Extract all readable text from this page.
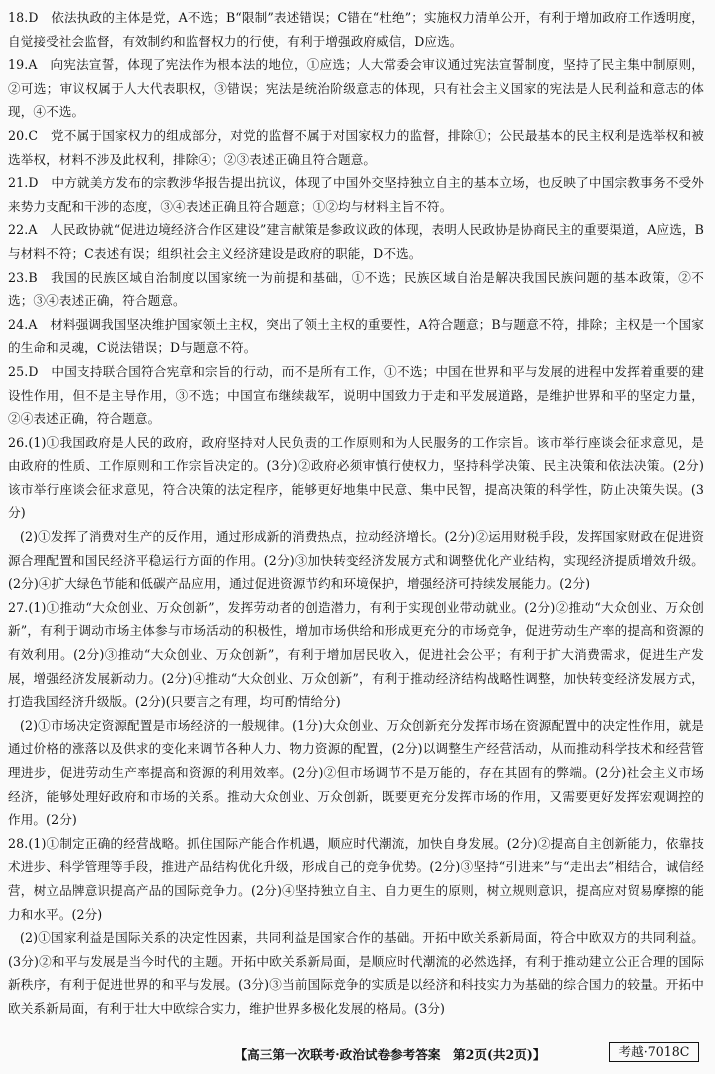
18.D　依法执政的主体是党，A不选；B“限制”表述错误；C错在“杜绝”；实施权力清单公开，有利于增加政府工作透明度，自觉接受社会监督，有效制约和监督权力的行使，有利于增强政府威信，D应选。
19.A　向宪法宣誓，体现了宪法作为根本法的地位，①应选；人大常委会审议通过宪法宣誓制度，坚持了民主集中制原则，②可选；审议权属于人大代表职权，③错误；宪法是统治阶级意志的体现，只有社会主义国家的宪法是人民利益和意志的体现，④不选。
20.C　党不属于国家权力的组成部分，对党的监督不属于对国家权力的监督，排除①；公民最基本的民主权利是选举权和被选举权，材料不涉及此权利，排除④；②③表述正确且符合题意。
21.D　中方就美方发布的宗教涉华报告提出抗议，体现了中国外交坚持独立自主的基本立场，也反映了中国宗教事务不受外来势力支配和干涉的态度，③④表述正确且符合题意；①②均与材料主旨不符。
22.A　人民政协就“促进边境经济合作区建设”建言献策是参政议政的体现，表明人民政协是协商民主的重要渠道，A应选，B与材料不符；C表述有误；组织社会主义经济建设是政府的职能，D不选。
23.B　我国的民族区域自治制度以国家统一为前提和基础，①不选；民族区域自治是解决我国民族问题的基本政策，②不选；③④表述正确，符合题意。
24.A　材料强调我国坚决维护国家领土主权，突出了领土主权的重要性，A符合题意；B与题意不符，排除；主权是一个国家的生命和灵魂，C说法错误；D与题意不符。
25.D　中国支持联合国符合宪章和宗旨的行动，而不是所有工作，①不选；中国在世界和平与发展的进程中发挥着重要的建设性作用，但不是主导作用，③不选；中国宣布继续裁军，说明中国致力于走和平发展道路，是维护世界和平的坚定力量，②④表述正确，符合题意。
26.(1)①我国政府是人民的政府，政府坚持对人民负责的工作原则和为人民服务的工作宗旨。该市举行座谈会征求意见，是由政府的性质、工作原则和工作宗旨决定的。(3分)②政府必须审慎行使权力，坚持科学决策、民主决策和依法决策。(2分)该市举行座谈会征求意见，符合决策的法定程序，能够更好地集中民意、集中民智，提高决策的科学性，防止决策失误。(3分)
(2)①发挥了消费对生产的反作用，通过形成新的消费热点，拉动经济增长。(2分)②运用财税手段，发挥国家财政在促进资源合理配置和国民经济平稳运行方面的作用。(2分)③加快转变经济发展方式和调整优化产业结构，实现经济提质增效升级。(2分)④扩大绿色节能和低碳产品应用，通过促进资源节约和环境保护，增强经济可持续发展能力。(2分)
27.(1)①推动“大众创业、万众创新”，发挥劳动者的创造潜力，有利于实现创业带动就业。(2分)②推动“大众创业、万众创新”，有利于调动市场主体参与市场活动的积极性，增加市场供给和形成更充分的市场竞争，促进劳动生产率的提高和资源的有效利用。(2分)③推动“大众创业、万众创新”，有利于增加居民收入，促进社会公平；有利于扩大消费需求，促进生产发展，增强经济发展新动力。(2分)④推动“大众创业、万众创新”，有利于推动经济结构战略性调整，加快转变经济发展方式，打造我国经济升级版。(2分)(只要言之有理，均可酌情给分)
(2)①市场决定资源配置是市场经济的一般规律。(1分)大众创业、万众创新充分发挥市场在资源配置中的决定性作用，就是通过价格的涨落以及供求的变化来调节各种人力、物力资源的配置，(2分)以调整生产经营活动，从而推动科学技术和经营管理进步，促进劳动生产率提高和资源的利用效率。(2分)②但市场调节不是万能的，存在其固有的弊端。(2分)社会主义市场经济，能够处理好政府和市场的关系。推动大众创业、万众创新，既要更充分发挥市场的作用，又需要更好发挥宏观调控的作用。(2分)
28.(1)①制定正确的经营战略。抓住国际产能合作机遇，顺应时代潮流，加快自身发展。(2分)②提高自主创新能力，依靠技术进步、科学管理等手段，推进产品结构优化升级，形成自己的竞争优势。(2分)③坚持“引进来”与“走出去”相结合，诚信经营，树立品牌意识提高产品的国际竞争力。(2分)④坚持独立自主、自力更生的原则，树立规则意识，提高应对贸易摩擦的能力和水平。(2分)
(2)①国家利益是国际关系的决定性因素，共同利益是国家合作的基础。开拓中欧关系新局面，符合中欧双方的共同利益。(3分)②和平与发展是当今时代的主题。开拓中欧关系新局面，是顺应时代潮流的必然选择，有利于推动建立公正合理的国际新秩序，有利于促进世界的和平与发展。(3分)③当前国际竞争的实质是以经济和科技实力为基础的综合国力的较量。开拓中欧关系新局面，有利于壮大中欧综合实力，维护世界多极化发展的格局。(3分)
【高三第一次联考·政治试卷参考答案　第2页(共2页)】	考越·7018C
